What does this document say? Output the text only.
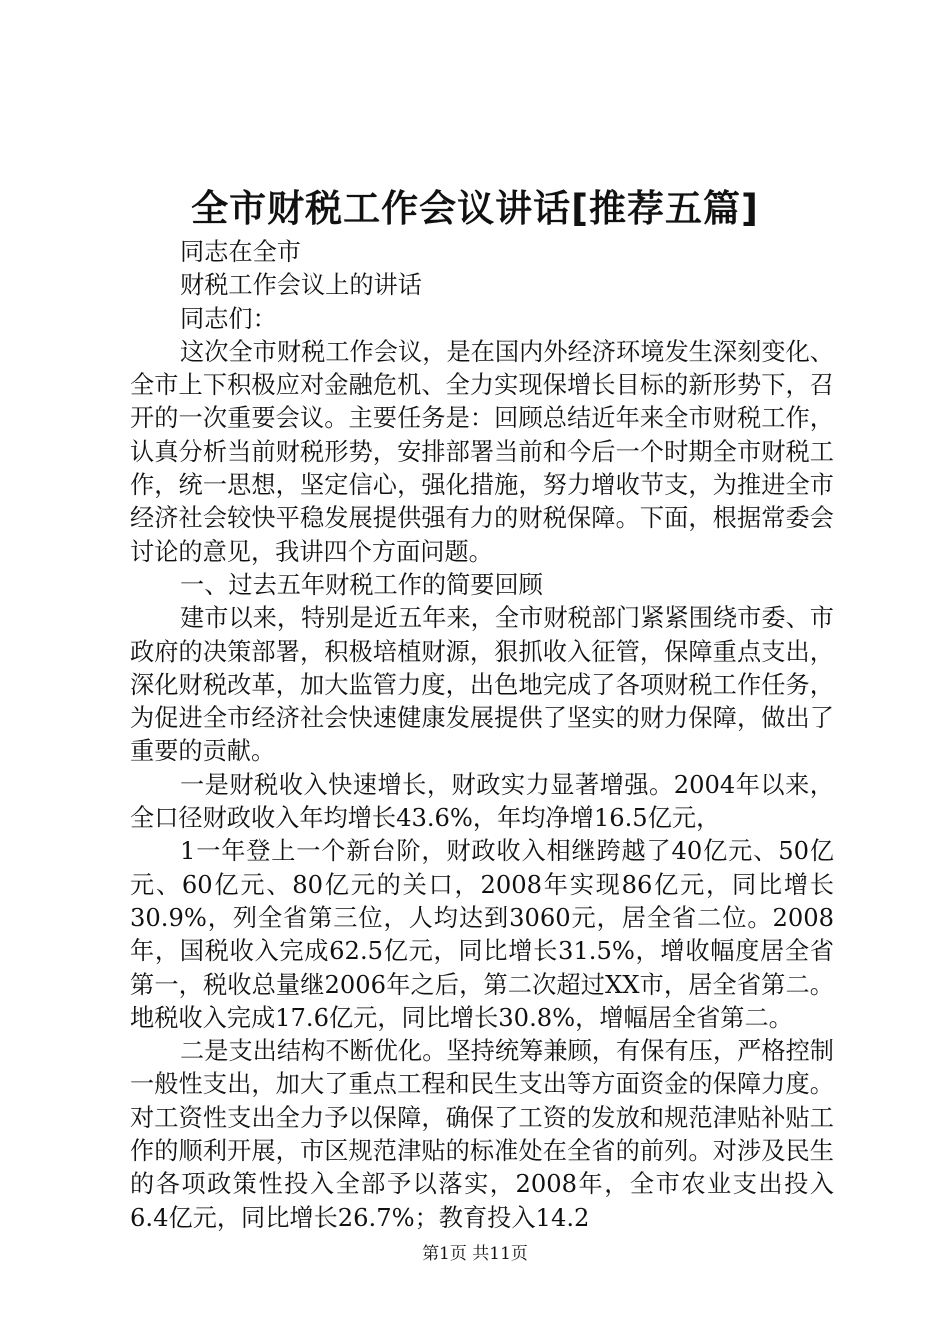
全市财税工作会议讲话[推荐五篇]

同志在全市

财税工作会议上的讲话

同志们：

这次全市财税工作会议，是在国内外经济环境发生深刻变化、全市上下积极应对金融危机、全力实现保增长目标的新形势下，召开的一次重要会议。主要任务是：回顾总结近年来全市财税工作，认真分析当前财税形势，安排部署当前和今后一个时期全市财税工作，统一思想，坚定信心，强化措施，努力增收节支，为推进全市经济社会较快平稳发展提供强有力的财税保障。下面，根据常委会讨论的意见，我讲四个方面问题。

一、过去五年财税工作的简要回顾

建市以来，特别是近五年来，全市财税部门紧紧围绕市委、市政府的决策部署，积极培植财源，狠抓收入征管，保障重点支出，深化财税改革，加大监管力度，出色地完成了各项财税工作任务，为促进全市经济社会快速健康发展提供了坚实的财力保障，做出了重要的贡献。

一是财税收入快速增长，财政实力显著增强。2004年以来，全口径财政收入年均增长43.6%，年均净增16.5亿元，

1一年登上一个新台阶，财政收入相继跨越了40亿元、50亿元、60亿元、80亿元的关口，2008年实现86亿元，同比增长30.9%，列全省第三位，人均达到3060元，居全省二位。2008年，国税收入完成62.5亿元，同比增长31.5%，增收幅度居全省第一，税收总量继2006年之后，第二次超过XX市，居全省第二。地税收入完成17.6亿元，同比增长30.8%，增幅居全省第二。

二是支出结构不断优化。坚持统筹兼顾，有保有压，严格控制一般性支出，加大了重点工程和民生支出等方面资金的保障力度。对工资性支出全力予以保障，确保了工资的发放和规范津贴补贴工作的顺利开展，市区规范津贴的标准处在全省的前列。对涉及民生的各项政策性投入全部予以落实，2008年，全市农业支出投入6.4亿元，同比增长26.7%；教育投入14.2

第1页 共11页
